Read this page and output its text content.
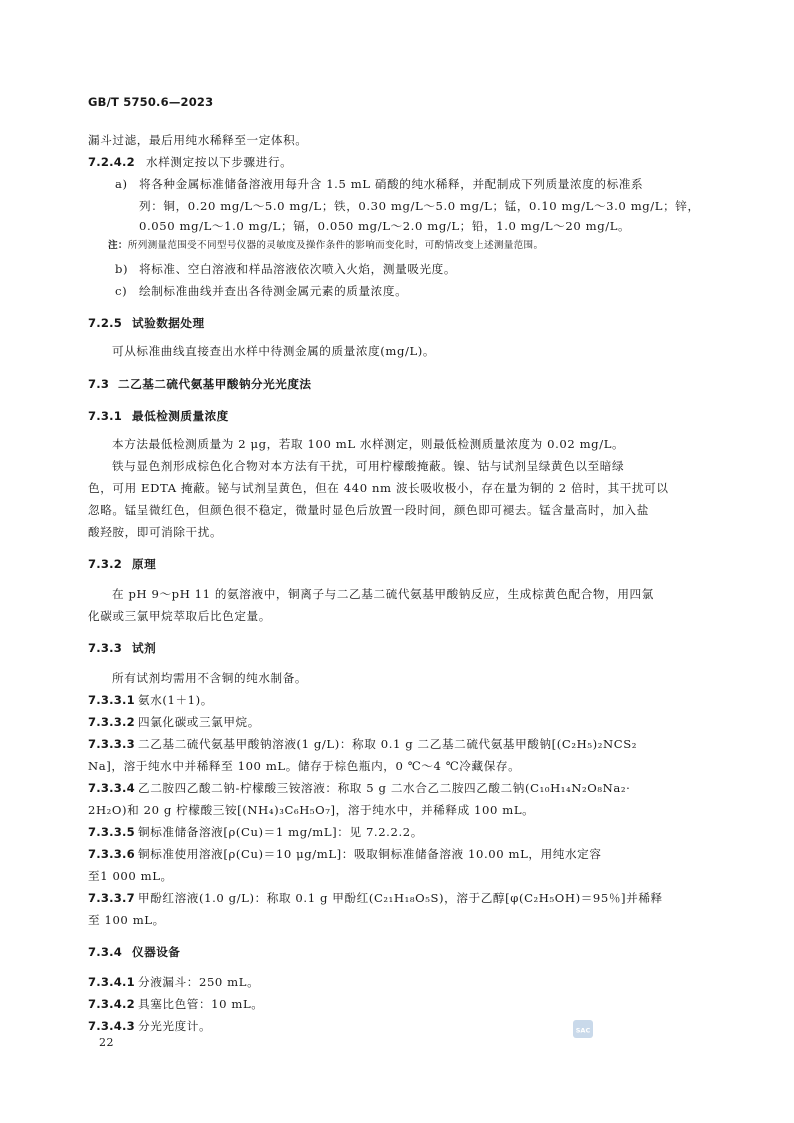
GB/T 5750.6—2023
漏斗过滤，最后用纯水稀释至一定体积。
7.2.4.2 水样测定按以下步骤进行。
a) 将各种金属标准储备溶液用每升含 1.5 mL 硝酸的纯水稀释，并配制成下列质量浓度的标准系
列：铜，0.20 mg/L～5.0 mg/L；铁，0.30 mg/L～5.0 mg/L；锰，0.10 mg/L～3.0 mg/L；锌，
0.050 mg/L～1.0 mg/L；镉，0.050 mg/L～2.0 mg/L；铅，1.0 mg/L～20 mg/L。
注：所列测量范围受不同型号仪器的灵敏度及操作条件的影响而变化时，可酌情改变上述测量范围。
b) 将标准、空白溶液和样品溶液依次喷入火焰，测量吸光度。
c) 绘制标准曲线并查出各待测金属元素的质量浓度。
7.2.5 试验数据处理
可从标准曲线直接查出水样中待测金属的质量浓度(mg/L)。
7.3 二乙基二硫代氨基甲酸钠分光光度法
7.3.1 最低检测质量浓度
本方法最低检测质量为 2 μg，若取 100 mL 水样测定，则最低检测质量浓度为 0.02 mg/L。
铁与显色剂形成棕色化合物对本方法有干扰，可用柠檬酸掩蔽。镍、钴与试剂呈绿黄色以至暗绿
色，可用 EDTA 掩蔽。铋与试剂呈黄色，但在 440 nm 波长吸收极小，存在量为铜的 2 倍时，其干扰可以
忽略。锰呈微红色，但颜色很不稳定，微量时显色后放置一段时间，颜色即可褪去。锰含量高时，加入盐
酸羟胺，即可消除干扰。
7.3.2 原理
在 pH 9～pH 11 的氨溶液中，铜离子与二乙基二硫代氨基甲酸钠反应，生成棕黄色配合物，用四氯
化碳或三氯甲烷萃取后比色定量。
7.3.3 试剂
所有试剂均需用不含铜的纯水制备。
7.3.3.1 氨水(1＋1)。
7.3.3.2 四氯化碳或三氯甲烷。
7.3.3.3 二乙基二硫代氨基甲酸钠溶液(1 g/L)：称取 0.1 g 二乙基二硫代氨基甲酸钠[(C₂H₅)₂NCS₂
Na]，溶于纯水中并稀释至 100 mL。储存于棕色瓶内，0 ℃～4 ℃冷藏保存。
7.3.3.4 乙二胺四乙酸二钠-柠檬酸三铵溶液：称取 5 g 二水合乙二胺四乙酸二钠(C₁₀H₁₄N₂O₈Na₂·
2H₂O)和 20 g 柠檬酸三铵[(NH₄)₃C₆H₅O₇]，溶于纯水中，并稀释成 100 mL。
7.3.3.5 铜标准储备溶液[ρ(Cu)＝1 mg/mL]：见 7.2.2.2。
7.3.3.6 铜标准使用溶液[ρ(Cu)＝10 μg/mL]：吸取铜标准储备溶液 10.00 mL，用纯水定容
至1 000 mL。
7.3.3.7 甲酚红溶液(1.0 g/L)：称取 0.1 g 甲酚红(C₂₁H₁₈O₅S)，溶于乙醇[φ(C₂H₅OH)＝95％]并稀释
至 100 mL。
7.3.4 仪器设备
7.3.4.1 分液漏斗：250 mL。
7.3.4.2 具塞比色管：10 mL。
7.3.4.3 分光光度计。	SAC
22
